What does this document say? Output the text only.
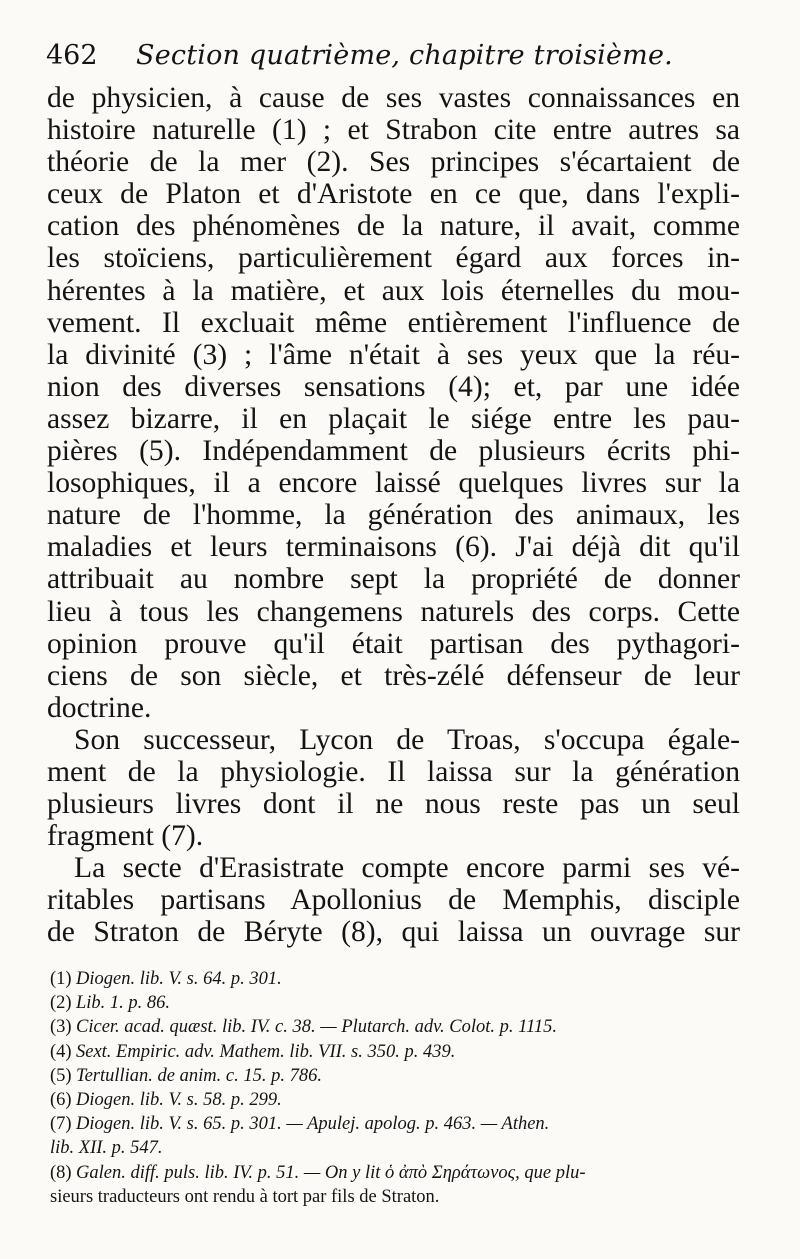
462 Section quatrième, chapitre troisième.
de physicien, à cause de ses vastes connaissances en
histoire naturelle (1) ; et Strabon cite entre autres sa
théorie de la mer (2). Ses principes s'écartaient de
ceux de Platon et d'Aristote en ce que, dans l'expli-
cation des phénomènes de la nature, il avait, comme
les stoïciens, particulièrement égard aux forces in-
hérentes à la matière, et aux lois éternelles du mou-
vement. Il excluait même entièrement l'influence de
la divinité (3) ; l'âme n'était à ses yeux que la réu-
nion des diverses sensations (4); et, par une idée
assez bizarre, il en plaçait le siége entre les pau-
pières (5). Indépendamment de plusieurs écrits phi-
losophiques, il a encore laissé quelques livres sur la
nature de l'homme, la génération des animaux, les
maladies et leurs terminaisons (6). J'ai déjà dit qu'il
attribuait au nombre sept la propriété de donner
lieu à tous les changemens naturels des corps. Cette
opinion prouve qu'il était partisan des pythagori-
ciens de son siècle, et très-zélé défenseur de leur
doctrine.
Son successeur, Lycon de Troas, s'occupa égale-
ment de la physiologie. Il laissa sur la génération
plusieurs livres dont il ne nous reste pas un seul
fragment (7).
La secte d'Erasistrate compte encore parmi ses vé-
ritables partisans Apollonius de Memphis, disciple
de Straton de Béryte (8), qui laissa un ouvrage sur
(1) Diogen. lib. V. s. 64. p. 301.
(2) Lib. 1. p. 86.
(3) Cicer. acad. quæst. lib. IV. c. 38. — Plutarch. adv. Colot. p. 1115.
(4) Sext. Empiric. adv. Mathem. lib. VII. s. 350. p. 439.
(5) Tertullian. de anim. c. 15. p. 786.
(6) Diogen. lib. V. s. 58. p. 299.
(7) Diogen. lib. V. s. 65. p. 301. — Apulej. apolog. p. 463. — Athen.
lib. XII. p. 547.
(8) Galen. diff. puls. lib. IV. p. 51. — On y lit ὁ ἀπὸ Σηράτωνος, que plu-
sieurs traducteurs ont rendu à tort par fils de Straton.
